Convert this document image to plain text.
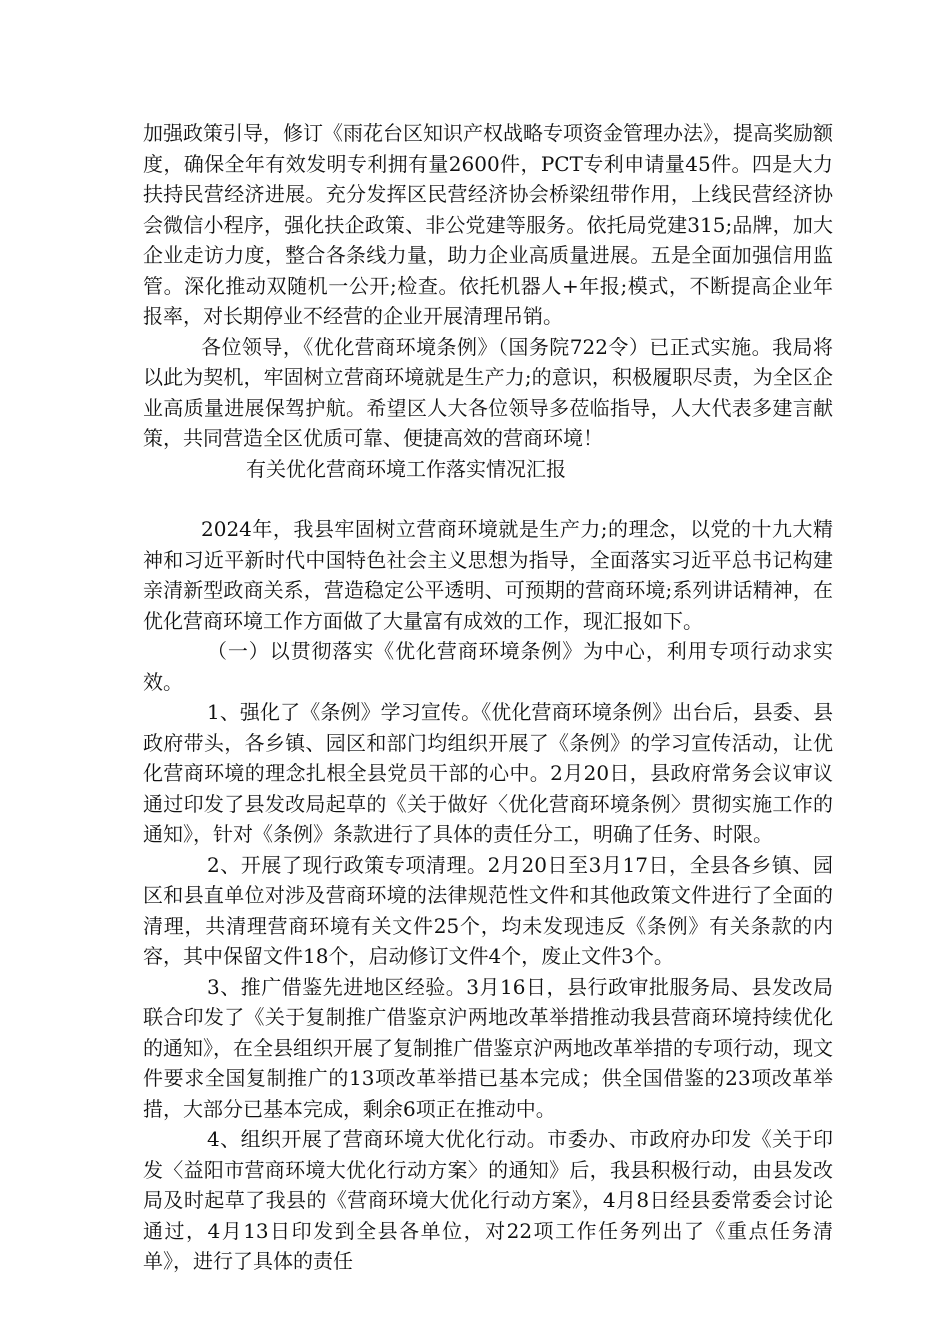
加强政策引导，修订《雨花台区知识产权战略专项资金管理办法》，提高奖励额度，确保全年有效发明专利拥有量2600件，PCT专利申请量45件。四是大力扶持民营经济进展。充分发挥区民营经济协会桥梁纽带作用，上线民营经济协会微信小程序，强化扶企政策、非公党建等服务。依托局党建315;品牌，加大企业走访力度，整合各条线力量，助力企业高质量进展。五是全面加强信用监管。深化推动双随机一公开;检查。依托机器人+年报;模式，不断提高企业年报率，对长期停业不经营的企业开展清理吊销。

各位领导，《优化营商环境条例》（国务院722令）已正式实施。我局将以此为契机，牢固树立营商环境就是生产力;的意识，积极履职尽责，为全区企业高质量进展保驾护航。希望区人大各位领导多莅临指导，人大代表多建言献策，共同营造全区优质可靠、便捷高效的营商环境！

有关优化营商环境工作落实情况汇报

2024年，我县牢固树立营商环境就是生产力;的理念，以党的十九大精神和习近平新时代中国特色社会主义思想为指导，全面落实习近平总书记构建亲清新型政商关系，营造稳定公平透明、可预期的营商环境;系列讲话精神，在优化营商环境工作方面做了大量富有成效的工作，现汇报如下。

（一）以贯彻落实《优化营商环境条例》为中心，利用专项行动求实效。

1、强化了《条例》学习宣传。《优化营商环境条例》出台后，县委、县政府带头，各乡镇、园区和部门均组织开展了《条例》的学习宣传活动，让优化营商环境的理念扎根全县党员干部的心中。2月20日，县政府常务会议审议通过印发了县发改局起草的《关于做好〈优化营商环境条例〉贯彻实施工作的通知》，针对《条例》条款进行了具体的责任分工，明确了任务、时限。

2、开展了现行政策专项清理。2月20日至3月17日，全县各乡镇、园区和县直单位对涉及营商环境的法律规范性文件和其他政策文件进行了全面的清理，共清理营商环境有关文件25个，均未发现违反《条例》有关条款的内容，其中保留文件18个，启动修订文件4个，废止文件3个。

3、推广借鉴先进地区经验。3月16日，县行政审批服务局、县发改局联合印发了《关于复制推广借鉴京沪两地改革举措推动我县营商环境持续优化的通知》，在全县组织开展了复制推广借鉴京沪两地改革举措的专项行动，现文件要求全国复制推广的13项改革举措已基本完成；供全国借鉴的23项改革举措，大部分已基本完成，剩余6项正在推动中。

4、组织开展了营商环境大优化行动。市委办、市政府办印发《关于印发〈益阳市营商环境大优化行动方案〉的通知》后，我县积极行动，由县发改局及时起草了我县的《营商环境大优化行动方案》，4月8日经县委常委会讨论通过，4月13日印发到全县各单位，对22项工作任务列出了《重点任务清单》，进行了具体的责任
